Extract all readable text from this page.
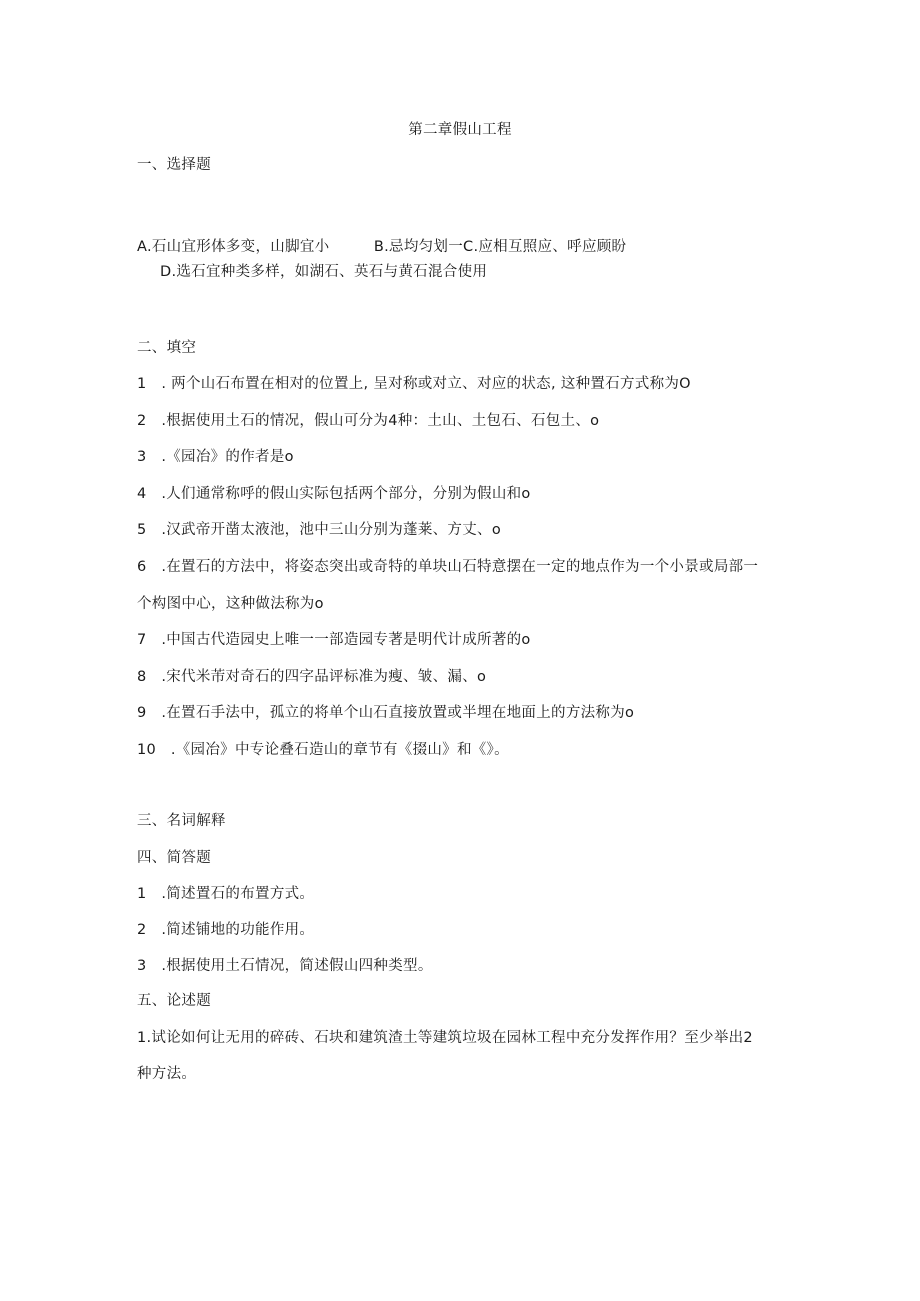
第二章假山工程
一、选择题
A.石山宜形体多变，山脚宜小　　　B.忌均匀划一C.应相互照应、呼应顾盼
D.选石宜种类多样，如湖石、英石与黄石混合使用
二、填空
1　. 两个山石布置在相对的位置上, 呈对称或对立、对应的状态, 这种置石方式称为O
2　.根据使用土石的情况，假山可分为4种：土山、土包石、石包土、o
3　.《园冶》的作者是o
4　.人们通常称呼的假山实际包括两个部分，分别为假山和o
5　.汉武帝开凿太液池，池中三山分别为蓬莱、方丈、o
6　.在置石的方法中，将姿态突出或奇特的单块山石特意摆在一定的地点作为一个小景或局部一
个构图中心，这种做法称为o
7　.中国古代造园史上唯一一部造园专著是明代计成所著的o
8　.宋代米芾对奇石的四字品评标准为瘦、皱、漏、o
9　.在置石手法中，孤立的将单个山石直接放置或半埋在地面上的方法称为o
10　.《园冶》中专论叠石造山的章节有《掇山》和《》。
三、名词解释
四、简答题
1　.简述置石的布置方式。
2　.简述铺地的功能作用。
3　.根据使用土石情况，简述假山四种类型。
五、论述题
1.试论如何让无用的碎砖、石块和建筑渣土等建筑垃圾在园林工程中充分发挥作用？至少举出2
种方法。
